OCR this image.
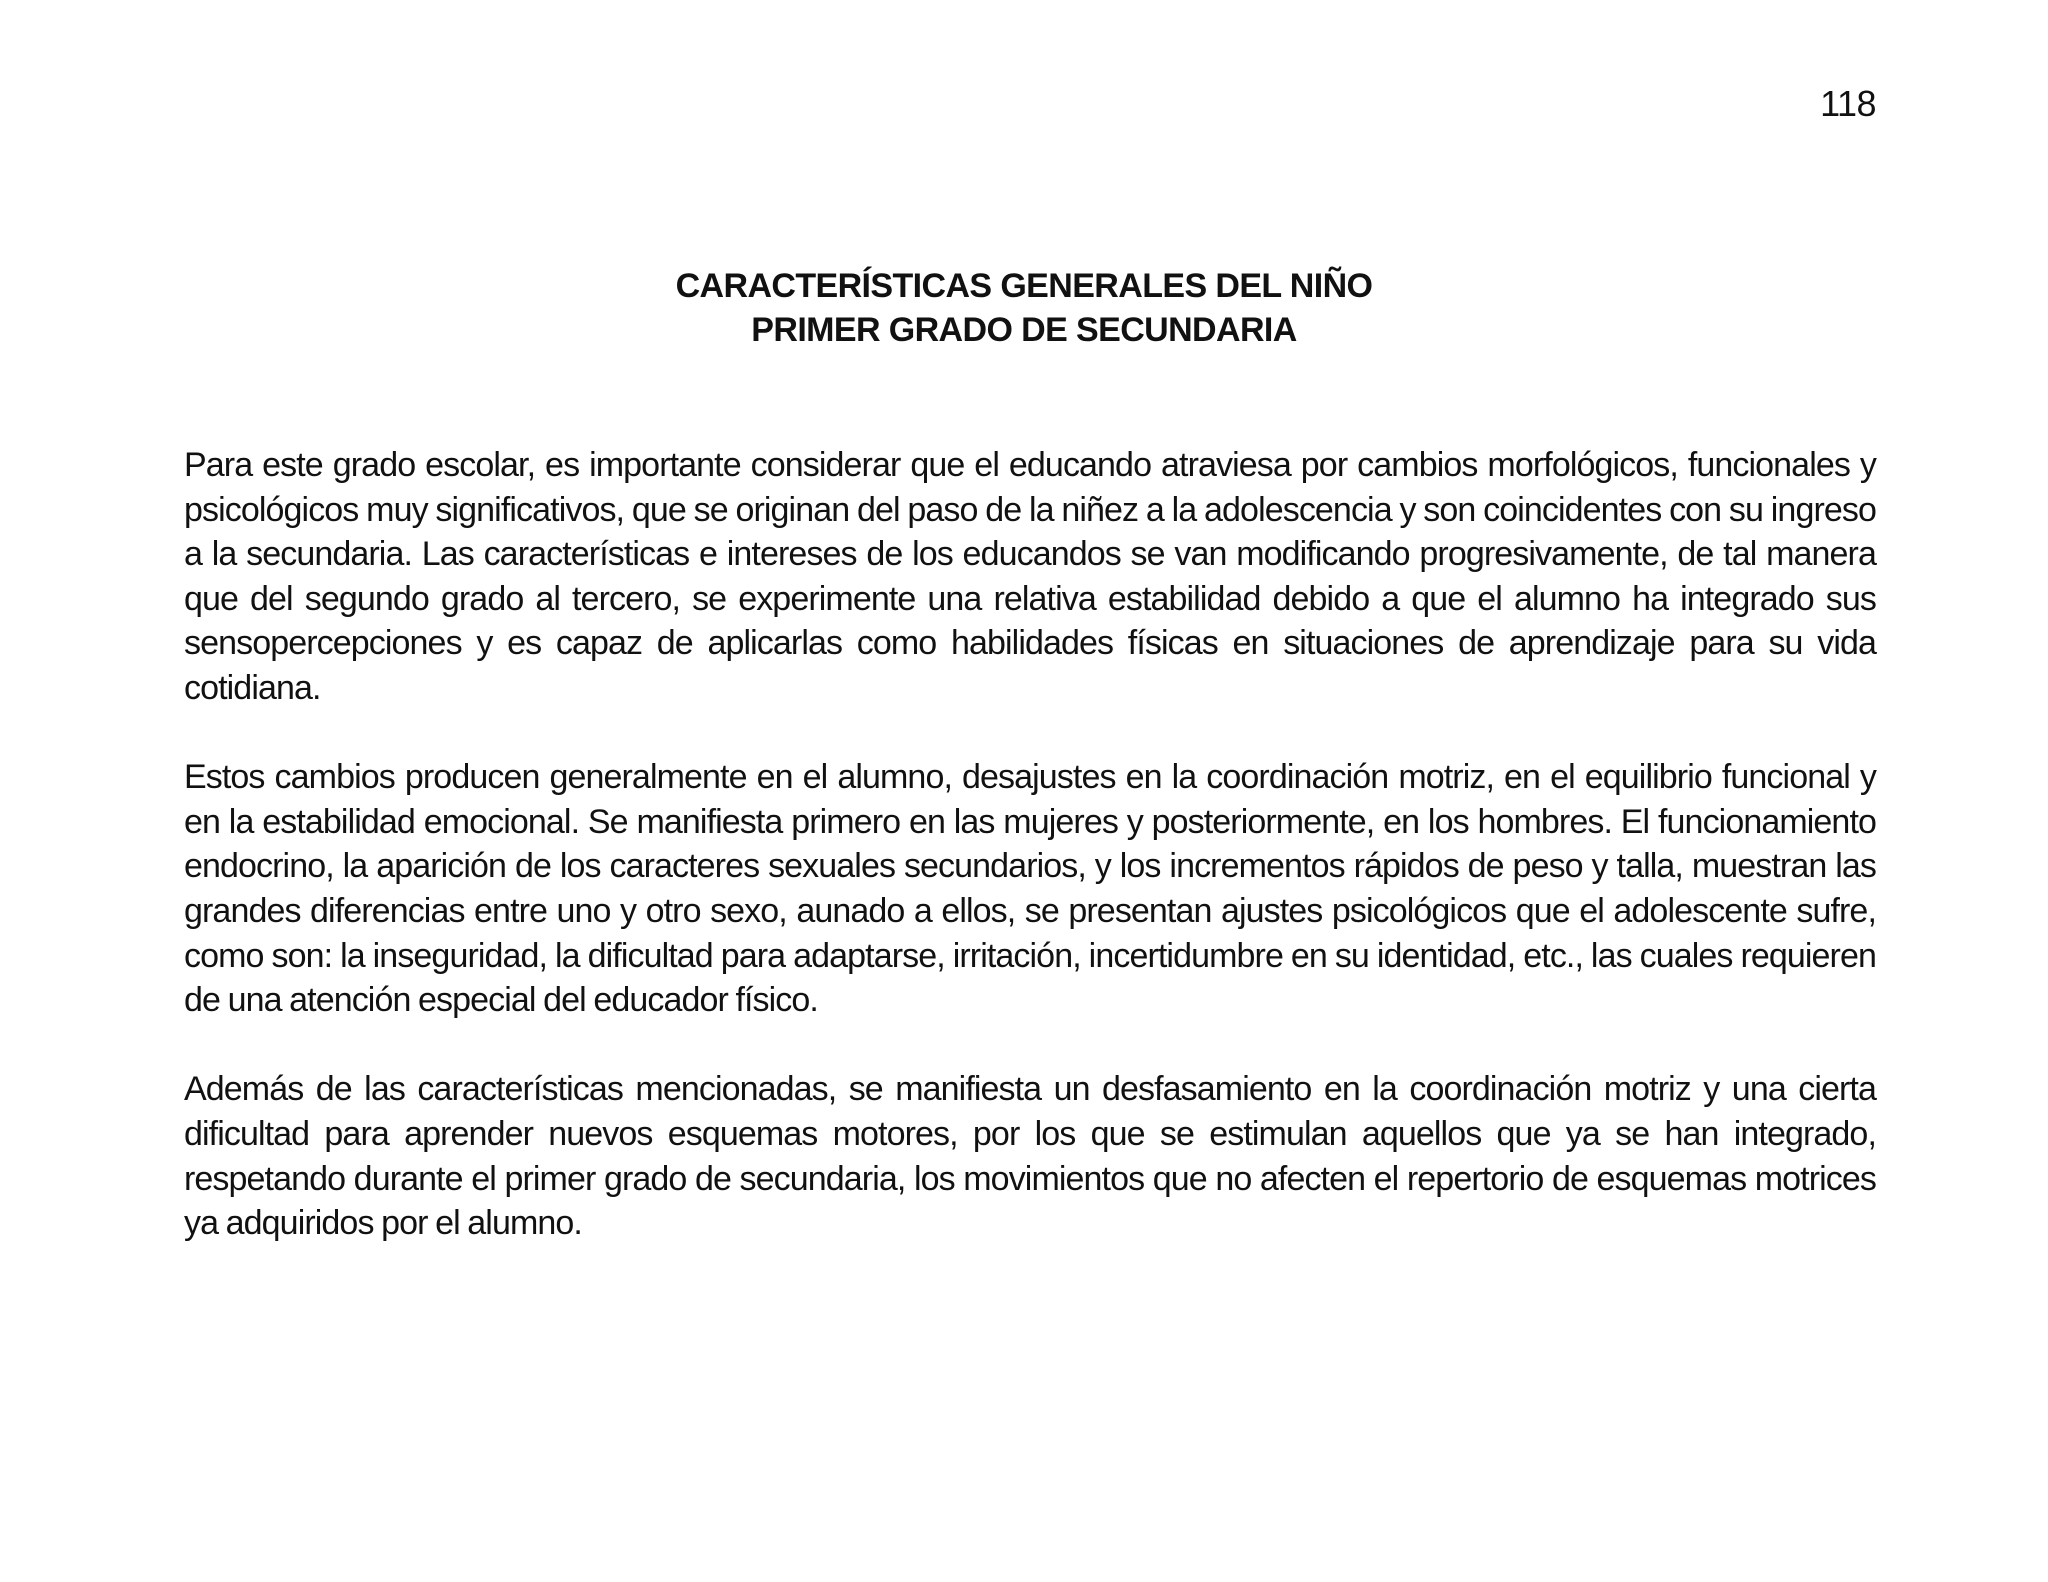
118
CARACTERÍSTICAS GENERALES DEL NIÑO
PRIMER GRADO DE SECUNDARIA

Para este grado escolar, es importante considerar que el educando atraviesa por cambios morfológicos, funcionales y psicológicos muy significativos, que se originan del paso de la niñez a la adolescencia y son coincidentes con su ingreso a la secundaria. Las características e intereses de los educandos se van modificando progresivamente, de tal manera que del segundo grado al tercero, se experimente una relativa estabilidad debido a que el alumno ha integrado sus sensopercepciones y es capaz de aplicarlas como habilidades físicas en situaciones de aprendizaje para su vida cotidiana.

Estos cambios producen generalmente en el alumno, desajustes en la coordinación motriz, en el equilibrio funcional y en la estabilidad emocional. Se manifiesta primero en las mujeres y posteriormente, en los hombres. El funcionamiento endocrino, la aparición de los caracteres sexuales secundarios, y los incrementos rápidos de peso y talla, muestran las grandes diferencias entre uno y otro sexo, aunado a ellos, se presentan ajustes psicológicos que el adolescente sufre, como son: la inseguridad, la dificultad para adaptarse, irritación, incertidumbre en su identidad, etc., las cuales requieren de una atención especial del educador físico.

Además de las características mencionadas, se manifiesta un desfasamiento en la coordinación motriz y una cierta dificultad para aprender nuevos esquemas motores, por los que se estimulan aquellos que ya se han integrado, respetando durante el primer grado de secundaria, los movimientos que no afecten el repertorio de esquemas motrices ya adquiridos por el alumno.
